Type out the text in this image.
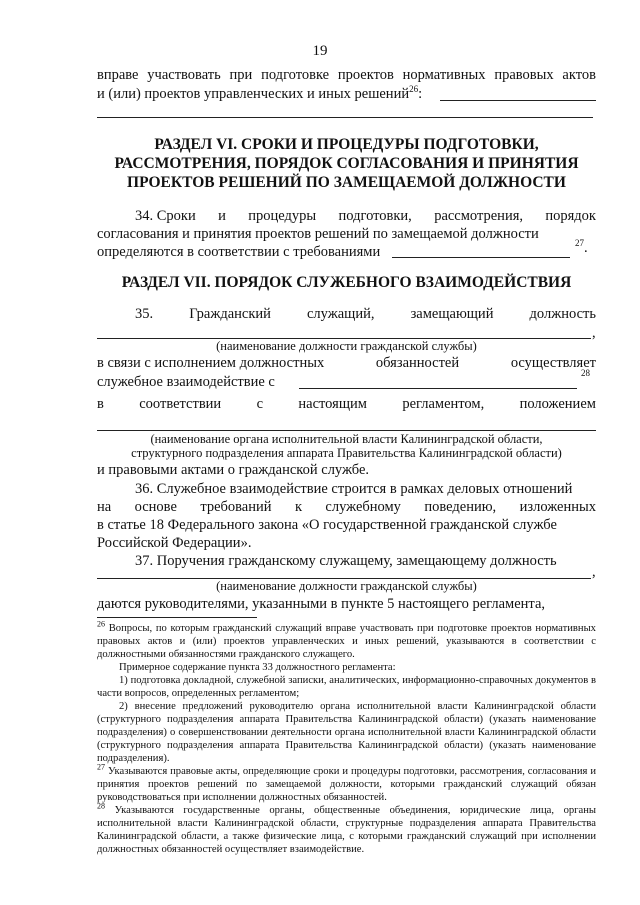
19
вправе участвовать при подготовке проектов нормативных правовых актов
и (или) проектов управленческих и иных решений$^{26}$:
РАЗДЕЛ VI. СРОКИ И ПРОЦЕДУРЫ ПОДГОТОВКИ,
РАССМОТРЕНИЯ, ПОРЯДОК СОГЛАСОВАНИЯ И ПРИНЯТИЯ
ПРОЕКТОВ РЕШЕНИЙ ПО ЗАМЕЩАЕМОЙ ДОЛЖНОСТИ
34. Сроки и процедуры подготовки, рассмотрения, порядок
согласования и принятия проектов решений по замещаемой должности
определяются в соответствии с требованиями
$^{27}$.
РАЗДЕЛ VII. ПОРЯДОК СЛУЖЕБНОГО ВЗАИМОДЕЙСТВИЯ
35. Гражданский служащий, замещающий должность
,
(наименование должности гражданской службы)
в связи с исполнением должностных	обязанностей	осуществляет
служебное взаимодействие с
$^{28}$
в соответствии с настоящим регламентом, положением
(наименование органа исполнительной власти Калининградской области,
структурного подразделения аппарата Правительства Калининградской области)
и правовыми актами о гражданской службе.
36. Служебное взаимодействие строится в рамках деловых отношений
на основе требований к служебному поведению, изложенных
в статье 18 Федерального закона «О государственной гражданской службе
Российской Федерации».
37. Поручения гражданскому служащему, замещающему должность
,
(наименование должности гражданской службы)
даются руководителями, указанными в пункте 5 настоящего регламента,

$^{26}$ Вопросы, по которым гражданский служащий вправе участвовать при подготовке проектов нормативных правовых актов и (или) проектов управленческих и иных решений, указываются в соответствии с должностными обязанностями гражданского служащего.

Примерное содержание пункта 33 должностного регламента:

1) подготовка докладной, служебной записки, аналитических, информационно-справочных документов в части вопросов, определенных регламентом;

2) внесение предложений руководителю органа исполнительной власти Калининградской области (структурного подразделения аппарата Правительства Калининградской области) (указать наименование подразделения) о совершенствовании деятельности органа исполнительной власти Калининградской области (структурного подразделения аппарата Правительства Калининградской области) (указать наименование подразделения).

$^{27}$ Указываются правовые акты, определяющие сроки и процедуры подготовки, рассмотрения, согласования и принятия проектов решений по замещаемой должности, которыми гражданский служащий обязан руководствоваться при исполнении должностных обязанностей.

$^{28}$ Указываются государственные органы, общественные объединения, юридические лица, органы исполнительной власти Калининградской области, структурные подразделения аппарата Правительства Калининградской области, а также физические лица, с которыми гражданский служащий при исполнении должностных обязанностей осуществляет взаимодействие.
